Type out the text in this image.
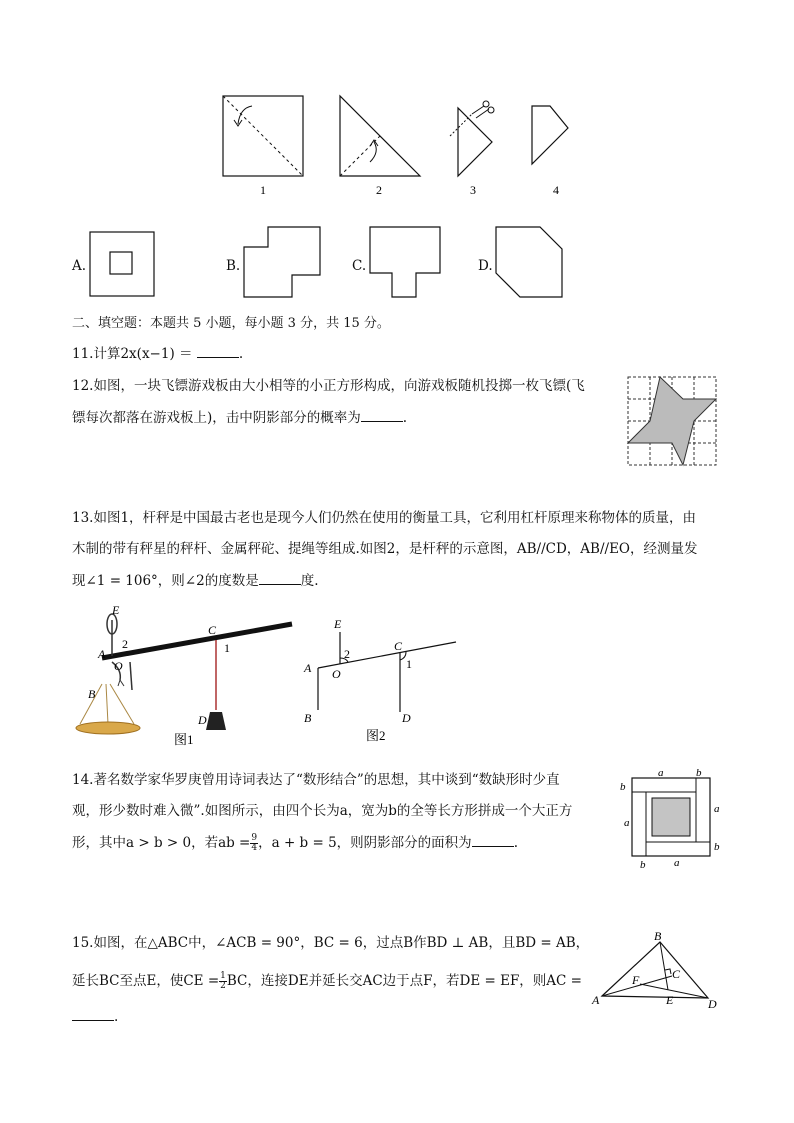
1	2	3	4
A.	B.	C.	D.
二、填空题：本题共 5 小题，每小题 3 分，共 15 分。
11.计算2x(x−1) ＝	.
12.如图，一块飞镖游戏板由大小相等的小正方形构成，向游戏板随机投掷一枚飞镖(飞
镖每次都落在游戏板上)，击中阴影部分的概率为	.
13.如图1，杆秤是中国最古老也是现今人们仍然在使用的衡量工具，它利用杠杆原理来称物体的质量，由
木制的带有秤星的秤杆、金属秤砣、提绳等组成.如图2，是杆秤的示意图，AB//CD，AB//EO，经测量发
现∠1 = 106°，则∠2的度数是	度.
E
A
O
2
C
1
B
D
图1
E
2
A O
C
1
B	D
图2
14.著名数学家华罗庚曾用诗词表达了“数形结合”的思想，其中谈到“数缺形时少直
观，形少数时难入微”.如图所示，由四个长为a，宽为b的全等长方形拼成一个大正方
形，其中a > b > 0，若ab = $\frac{9}{4}$ ，a + b = 5，则阴影部分的面积为	.
a	b
b
a
a
b
b	a
15.如图，在△ABC中，∠ACB = 90°，BC = 6，过点B作BD ⊥ AB，且BD = AB，
延长BC至点E，使CE = $\frac{1}{2}$ BC，连接DE并延长交AC边于点F，若DE = EF，则AC =
.
B
C
F
E
A	D
